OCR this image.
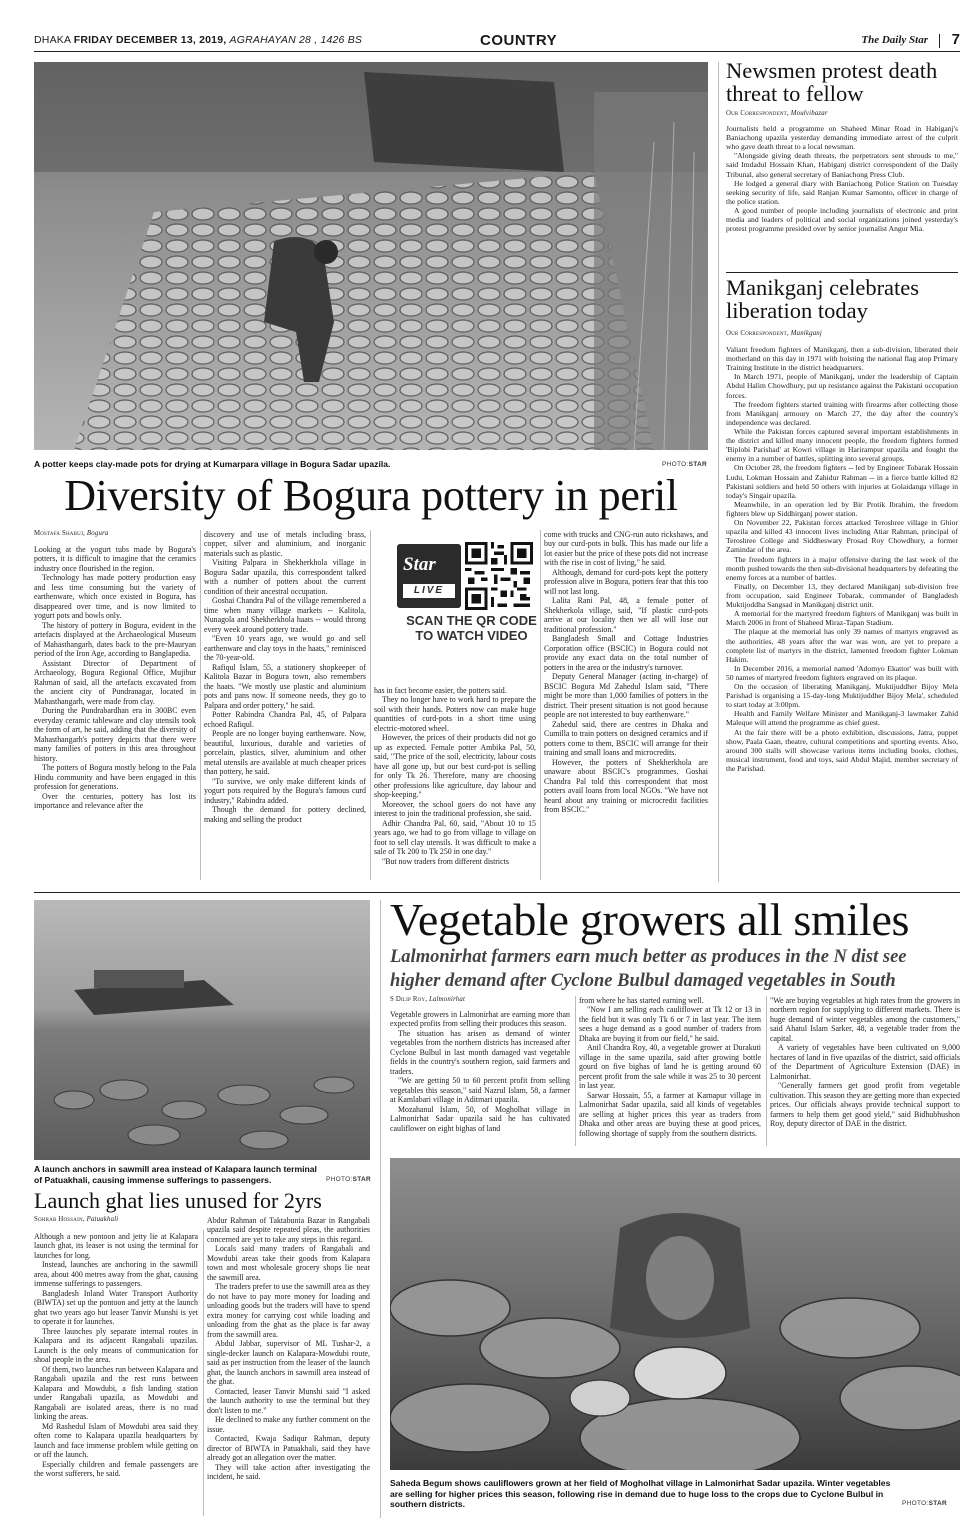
DHAKA FRIDAY DECEMBER 13, 2019, AGRAHAYAN 28 , 1426 BS	COUNTRY	The Daily Star 7
A potter keeps clay-made pots for drying at Kumarpara village in Bogura Sadar upazila.	PHOTO:STAR
Diversity of Bogura pottery in peril
Mostafa Shabuj, Bogura

Looking at the yogurt tubs made by Bogura's potters, it is difficult to imagine that the ceramics industry once flourished in the region.

Technology has made pottery production easy and less time consuming but the variety of earthenware, which once existed in Bogura, has disappeared over time, and is now limited to yogurt pots and bowls only.

The history of pottery in Bogura, evident in the artefacts displayed at the Archaeological Museum of Mahasthangarh, dates back to the pre-Mauryan period of the Iron Age, according to Banglapedia.

Assistant Director of Department of Archaeology, Bogura Regional Office, Mujibur Rahman of said, all the artefacts excavated from the ancient city of Pundranagar, located in Mahasthangarh, were made from clay.

During the Pundrabardhan era in 300BC even everyday ceramic tableware and clay utensils took the form of art, he said, adding that the diversity of Mahasthangarh's pottery depicts that there were many families of potters in this area throughout history.

The potters of Bogura mostly belong to the Pala Hindu community and have been engaged in this profession for generations.

Over the centuries, pottery has lost its importance and relevance after the

discovery and use of metals including brass, copper, silver and aluminium, and inorganic materials such as plastic.

Visiting Palpara in Shekherkhola village in Bogura Sadar upazila, this correspondent talked with a number of potters about the current condition of their ancestral occupation.

Goshai Chandra Pal of the village remembered a time when many village markets -- Kalitola, Nunagola and Shekherkhola haats -- would throng every week around pottery trade.

"Even 10 years ago, we would go and sell earthenware and clay toys in the haats," reminisced the 70-year-old.

Rafiqul Islam, 55, a stationery shopkeeper of Kalitola Bazar in Bogura town, also remembers the haats. "We mostly use plastic and aluminium pots and pans now. If someone needs, they go to Palpara and order pottery," he said.

Potter Rabindra Chandra Pal, 45, of Palpara echoed Rafiqul.

People are no longer buying earthenware. Now, beautiful, luxurious, durable and varieties of porcelain, plastics, silver, aluminium and other metal utensils are available at much cheaper prices than pottery, he said.

"To survive, we only make different kinds of yogurt pots required by the Bogura's famous curd industry," Rabindra added.

Though the demand for pottery declined, making and selling the product

Star
LIVE
SCAN THE QR CODE
TO WATCH VIDEO

has in fact become easier, the potters said.

They no longer have to work hard to prepare the soil with their hands. Potters now can make huge quantities of curd-pots in a short time using electric-motored wheel.

However, the prices of their products did not go up as expected. Female potter Ambika Pal, 50, said, "The price of the soil, electricity, labour costs have all gone up, but our best curd-pot is selling for only Tk 26. Therefore, many are choosing other professions like agriculture, day labour and shop-keeping."

Moreover, the school goers do not have any interest to join the traditional profession, she said.

Adhir Chandra Pal, 60, said, "About 10 to 15 years ago, we had to go from village to village on foot to sell clay utensils. It was difficult to make a sale of Tk 200 to Tk 250 in one day."

"But now traders from different districts

come with trucks and CNG-run auto rickshaws, and buy our curd-pots in bulk. This has made our life a lot easier but the price of these pots did not increase with the rise in cost of living," he said.

Although, demand for curd-pots kept the pottery profession alive in Bogura, potters fear that this too will not last long.

Lalita Rani Pal, 48, a female potter of Shekherkola village, said, "If plastic curd-pots arrive at our locality then we all will lose our traditional profession."

Bangladesh Small and Cottage Industries Corporation office (BSCIC) in Bogura could not provide any exact data on the total number of potters in the area or the industry's turnover.

Deputy General Manager (acting in-charge) of BSCIC Bogura Md Zahedul Islam said, "There might be more than 1,000 families of potters in the district. Their present situation is not good because people are not interested to buy earthenware."

Zahedul said, there are centres in Dhaka and Cumilla to train potters on designed ceramics and if potters come to them, BSCIC will arrange for their training and small loans and microcredits.

However, the potters of Shekherkhola are unaware about BSCIC's programmes. Goshai Chandra Pal told this correspondent that most potters avail loans from local NGOs. "We have not heard about any training or microcredit facilities from BSCIC."

Newsmen protest death threat to fellow
Our Correspondent, Moulvibazar

Journalists held a programme on Shaheed Minar Road in Habiganj's Baniachong upazila yesterday demanding immediate arrest of the culprit who gave death threat to a local newsman.

"Alongside giving death threats, the perpetrators sent shrouds to me," said Imdadul Hossain Khan, Habiganj district correspondent of the Daily Tribunal, also general secretary of Baniachong Press Club.

He lodged a general diary with Baniachong Police Station on Tuesday seeking security of life, said Ranjan Kumar Samonto, officer in charge of the police station.

A good number of people including journalists of electronic and print media and leaders of political and social organizations joined yesterday's protest programme presided over by senior journalist Angur Mia.

Manikganj celebrates liberation today
Our Correspondent, Manikganj

Valiant freedom fighters of Manikganj, then a sub-division, liberated their motherland on this day in 1971 with hoisting the national flag atop Primary Training Institute in the district headquarters.

In March 1971, people of Manikganj, under the leadership of Captain Abdul Halim Chowdhury, put up resistance against the Pakistani occupation forces.

The freedom fighters started training with firearms after collecting those from Manikganj armoury on March 27, the day after the country's independence was declared.

While the Pakistan forces captured several important establishments in the district and killed many innocent people, the freedom fighters formed 'Biplobi Parishad' at Kowri village in Harirampur upazila and fought the enemy in a number of battles, splitting into several groups.

On October 28, the freedom fighters -- led by Engineer Tobarak Hossain Ludu, Lokman Hossain and Zahidur Rahman -- in a fierce battle killed 82 Pakistani soldiers and held 50 others with injuries at Golaidanga village in today's Singair upazila.

Meanwhile, in an operation led by Bir Protik Ibrahim, the freedom fighters blew up Siddhirganj power station.

On November 22, Pakistan forces attacked Teroshree village in Ghior upazila and killed 43 innocent lives including Atiar Rahman, principal of Teroshree College and Siddheswary Prosad Roy Chowdhury, a former Zamindar of the area.

The freedom fighters in a major offensive during the last week of the month pushed towards the then sub-divisional headquarters by defeating the enemy forces at a number of battles.

Finally, on December 13, they declared Manikganj sub-division free from occupation, said Engineer Tobarak, commander of Bangladesh Muktijoddha Sangsad in Manikganj district unit.

A memorial for the martyred freedom fighters of Manikganj was built in March 2006 in front of Shaheed Miraz-Tapan Stadium.

The plaque at the memorial has only 39 names of martyrs engraved as the authorities, 48 years after the war was won, are yet to prepare a complete list of martyrs in the district, lamented freedom fighter Lokman Hakim.

In December 2016, a memorial named 'Adomyo Ekattor' was built with 50 names of martyred freedom fighters engraved on its plaque.

On the occasion of liberating Manikganj, Muktijuddher Bijoy Mela Parishad is organising a 15-day-long Muktijuddher Bijoy Mela', scheduled to start today at 3:00pm.

Health and Family Welfare Minister and Manikganj-3 lawmaker Zahid Maleque will attend the programme as chief guest.

At the fair there will be a photo exhibition, discussions, Jatra, puppet show, Paala Gaan, theatre, cultural competitions and sporting events. Also, around 300 stalls will showcase various items including books, clothes, musical instrument, food and toys, said Abdul Majid, member secretary of the Parishad.

A launch anchors in sawmill area instead of Kalapara launch terminal of Patuakhali, causing immense sufferings to passengers.	PHOTO:STAR
Launch ghat lies unused for 2yrs
Sohrab Hossain, Patuakhali

Although a new pontoon and jetty lie at Kalapara launch ghat, its leaser is not using the terminal for launches for long.

Instead, launches are anchoring in the sawmill area, about 400 metres away from the ghat, causing immense sufferings to passengers.

Bangladesh Inland Water Transport Authority (BIWTA) set up the pontoon and jetty at the launch ghat two years ago but leaser Tanvir Munshi is yet to operate it for launches.

Three launches ply separate internal routes in Kalapara and its adjacent Rangabali upazilas. Launch is the only means of communication for shoal people in the area.

Of them, two launches run between Kalapara and Rangabali upazila and the rest runs between Kalapara and Mowdubi, a fish landing station under Rangabali upazila, as Mowdubi and Rangabali are isolated areas, there is no road linking the areas.

Md Rashedul Islam of Mowdubi area said they often come to Kalapara upazila headquarters by launch and face immense problem while getting on or off the launch.

Especially children and female passengers are the worst sufferers, he said.

Abdur Rahman of Taktabunia Bazar in Rangabali upazila said despite repeated pleas, the authorities concerned are yet to take any steps in this regard.

Locals said many traders of Rangabali and Mowdubi areas take their goods from Kalapara town and most wholesale grocery shops lie near the sawmill area.

The traders prefer to use the sawmill area as they do not have to pay more money for loading and unloading goods but the traders will have to spend extra money for carrying cost while loading and unloading from the ghat as the place is far away from the sawmill area.

Abdul Jabbar, supervisor of ML Tushar-2, a single-decker launch on Kalapara-Mowdubi route, said as per instruction from the leaser of the launch ghat, the launch anchors in sawmill area instead of the ghat.

Contacted, leaser Tanvir Munshi said "I asked the launch authority to use the terminal but they don't listen to me."

He declined to make any further comment on the issue.

Contacted, Kwaja Sadiqur Rahman, deputy director of BIWTA in Patuakhali, said they have already got an allegation over the matter.

They will take action after investigating the incident, he said.

Vegetable growers all smiles
Lalmonirhat farmers earn much better as produces in the N dist see higher demand after Cyclone Bulbul damaged vegetables in South
S Dilip Roy, Lalmonirhat

Vegetable growers in Lalmonirhat are earning more than expected profits from selling their produces this season.

The situation has arisen as demand of winter vegetables from the northern districts has increased after Cyclone Bulbul in last month damaged vast vegetable fields in the country's southern region, said farmers and traders.

"We are getting 50 to 60 percent profit from selling vegetables this season," said Nazrul Islam, 58, a farmer at Kamlabari village in Aditmari upazila.

Mozahanul Islam, 50, of Mogholhat village in Lalmonirhat Sadar upazila said he has cultivated cauliflower on eight bighas of land

from where he has started earning well.

"Now I am selling each cauliflower at Tk 12 or 13 in the field but it was only Tk 6 or 7 in last year. The item sees a huge demand as a good number of traders from Dhaka are buying it from our field," he said.

Anil Chandra Roy, 40, a vegetable grower at Durakuti village in the same upazila, said after growing bottle gourd on five bighas of land he is getting around 60 percent profit from the sale while it was 25 to 30 percent in last year.

Sarwar Hossain, 55, a farmer at Karnapur village in Lalmonirhat Sadar upazila, said all kinds of vegetables are selling at higher prices this year as traders from Dhaka and other areas are buying these at good prices, following shortage of supply from the southern districts.

"We are buying vegetables at high rates from the growers in northern region for supplying to different markets. There is huge demand of winter vegetables among the customers," said Ahatul Islam Sarker, 48, a vegetable trader from the capital.

A variety of vegetables have been cultivated on 9,000 hectares of land in five upazilas of the district, said officials of the Department of Agriculture Extension (DAE) in Lalmonirhat.

"Generally farmers get good profit from vegetable cultivation. This season they are getting more than expected prices. Our officials always provide technical support to farmers to help them get good yield," said Bidhubhushon Roy, deputy director of DAE in the district.

Saheda Begum shows cauliflowers grown at her field of Mogholhat village in Lalmonirhat Sadar upazila. Winter vegetables are selling for higher prices this season, following rise in demand due to huge loss to the crops due to Cyclone Bulbul in southern districts.	PHOTO:STAR
